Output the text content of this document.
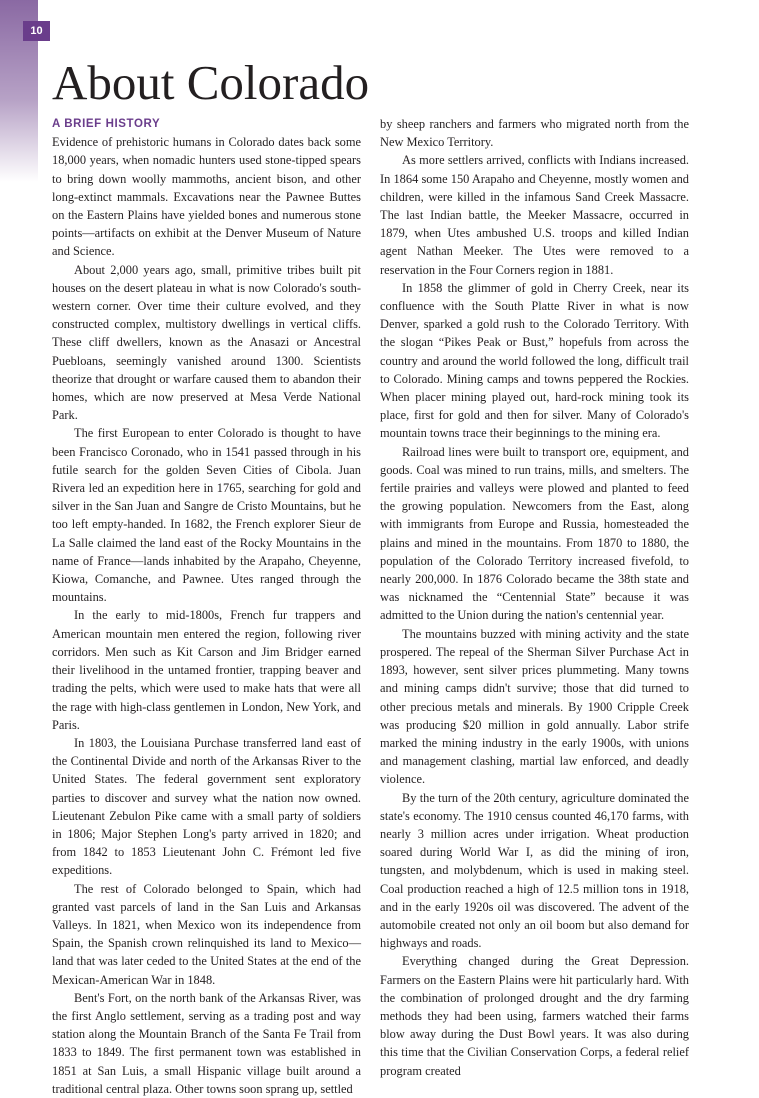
10
About Colorado
A BRIEF HISTORY

Evidence of prehistoric humans in Colorado dates back some 18,000 years, when nomadic hunters used stone-tipped spears to bring down woolly mammoths, ancient bison, and other long-extinct mammals. Excavations near the Pawnee Buttes on the Eastern Plains have yielded bones and numerous stone points—artifacts on exhibit at the Denver Museum of Nature and Science.

About 2,000 years ago, small, primitive tribes built pit houses on the desert plateau in what is now Colorado's south-western corner. Over time their culture evolved, and they constructed complex, multistory dwellings in vertical cliffs. These cliff dwellers, known as the Anasazi or Ancestral Puebloans, seemingly vanished around 1300. Scientists theorize that drought or warfare caused them to abandon their homes, which are now preserved at Mesa Verde National Park.

The first European to enter Colorado is thought to have been Francisco Coronado, who in 1541 passed through in his futile search for the golden Seven Cities of Cibola. Juan Rivera led an expedition here in 1765, searching for gold and silver in the San Juan and Sangre de Cristo Mountains, but he too left empty-handed. In 1682, the French explorer Sieur de La Salle claimed the land east of the Rocky Mountains in the name of France—lands inhabited by the Arapaho, Cheyenne, Kiowa, Comanche, and Pawnee. Utes ranged through the mountains.

In the early to mid-1800s, French fur trappers and American mountain men entered the region, following river corridors. Men such as Kit Carson and Jim Bridger earned their livelihood in the untamed frontier, trapping beaver and trading the pelts, which were used to make hats that were all the rage with high-class gentlemen in London, New York, and Paris.

In 1803, the Louisiana Purchase transferred land east of the Continental Divide and north of the Arkansas River to the United States. The federal government sent exploratory parties to discover and survey what the nation now owned. Lieutenant Zebulon Pike came with a small party of soldiers in 1806; Major Stephen Long's party arrived in 1820; and from 1842 to 1853 Lieutenant John C. Frémont led five expeditions.

The rest of Colorado belonged to Spain, which had granted vast parcels of land in the San Luis and Arkansas Valleys. In 1821, when Mexico won its independence from Spain, the Spanish crown relinquished its land to Mexico—land that was later ceded to the United States at the end of the Mexican-American War in 1848.

Bent's Fort, on the north bank of the Arkansas River, was the first Anglo settlement, serving as a trading post and way station along the Mountain Branch of the Santa Fe Trail from 1833 to 1849. The first permanent town was established in 1851 at San Luis, a small Hispanic village built around a traditional central plaza. Other towns soon sprang up, settled

by sheep ranchers and farmers who migrated north from the New Mexico Territory.

As more settlers arrived, conflicts with Indians increased. In 1864 some 150 Arapaho and Cheyenne, mostly women and children, were killed in the infamous Sand Creek Massacre. The last Indian battle, the Meeker Massacre, occurred in 1879, when Utes ambushed U.S. troops and killed Indian agent Nathan Meeker. The Utes were removed to a reservation in the Four Corners region in 1881.

In 1858 the glimmer of gold in Cherry Creek, near its confluence with the South Platte River in what is now Denver, sparked a gold rush to the Colorado Territory. With the slogan “Pikes Peak or Bust,” hopefuls from across the country and around the world followed the long, difficult trail to Colorado. Mining camps and towns peppered the Rockies. When placer mining played out, hard-rock mining took its place, first for gold and then for silver. Many of Colorado's mountain towns trace their beginnings to the mining era.

Railroad lines were built to transport ore, equipment, and goods. Coal was mined to run trains, mills, and smelters. The fertile prairies and valleys were plowed and planted to feed the growing population. Newcomers from the East, along with immigrants from Europe and Russia, homesteaded the plains and mined in the mountains. From 1870 to 1880, the population of the Colorado Territory increased fivefold, to nearly 200,000. In 1876 Colorado became the 38th state and was nicknamed the “Centennial State” because it was admitted to the Union during the nation's centennial year.

The mountains buzzed with mining activity and the state prospered. The repeal of the Sherman Silver Purchase Act in 1893, however, sent silver prices plummeting. Many towns and mining camps didn't survive; those that did turned to other precious metals and minerals. By 1900 Cripple Creek was producing $20 million in gold annually. Labor strife marked the mining industry in the early 1900s, with unions and management clashing, martial law enforced, and deadly violence.

By the turn of the 20th century, agriculture dominated the state's economy. The 1910 census counted 46,170 farms, with nearly 3 million acres under irrigation. Wheat production soared during World War I, as did the mining of iron, tungsten, and molybdenum, which is used in making steel. Coal production reached a high of 12.5 million tons in 1918, and in the early 1920s oil was discovered. The advent of the automobile created not only an oil boom but also demand for highways and roads.

Everything changed during the Great Depression. Farmers on the Eastern Plains were hit particularly hard. With the combination of prolonged drought and the dry farming methods they had been using, farmers watched their farms blow away during the Dust Bowl years. It was also during this time that the Civilian Conservation Corps, a federal relief program created
